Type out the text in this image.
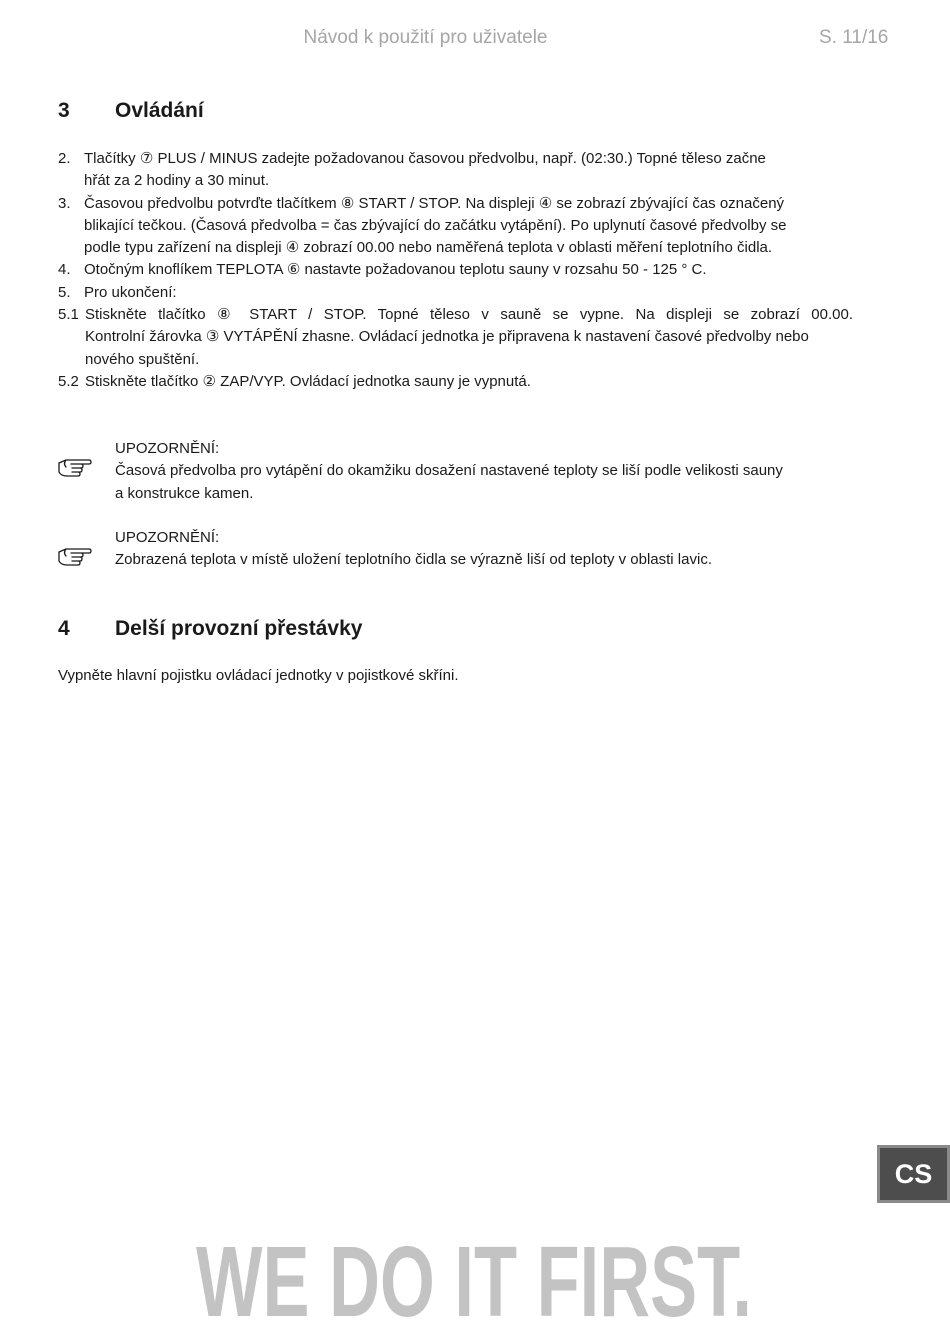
Návod k použití pro uživatele	S. 11/16
3 Ovládání
2. Tlačítky ⑦ PLUS / MINUS zadejte požadovanou časovou předvolbu, např. (02:30.) Topné těleso začne
hřát za 2 hodiny a 30 minut.
3. Časovou předvolbu potvrďte tlačítkem ⑧ START / STOP. Na displeji ④ se zobrazí zbývající čas označený
blikající tečkou. (Časová předvolba = čas zbývající do začátku vytápění). Po uplynutí časové předvolby se
podle typu zařízení na displeji ④ zobrazí 00.00 nebo naměřená teplota v oblasti měření teplotního čidla.
4. Otočným knoflíkem TEPLOTA ⑥ nastavte požadovanou teplotu sauny v rozsahu 50 - 125 ° C.
5. Pro ukončení:
5.1 Stiskněte tlačítko ⑧ START / STOP. Topné těleso v sauně se vypne. Na displeji se zobrazí 00.00.
Kontrolní žárovka ③ VYTÁPĚNÍ zhasne. Ovládací jednotka je připravena k nastavení časové předvolby nebo
nového spuštění.
5.2 Stiskněte tlačítko ② ZAP/VYP. Ovládací jednotka sauny je vypnutá.
UPOZORNĚNÍ:
Časová předvolba pro vytápění do okamžiku dosažení nastavené teploty se liší podle velikosti sauny
a konstrukce kamen.
UPOZORNĚNÍ:
Zobrazená teplota v místě uložení teplotního čidla se výrazně liší od teploty v oblasti lavic.
4 Delší provozní přestávky
Vypněte hlavní pojistku ovládací jednotky v pojistkové skříni.
CS
WE DO IT FIRST.
